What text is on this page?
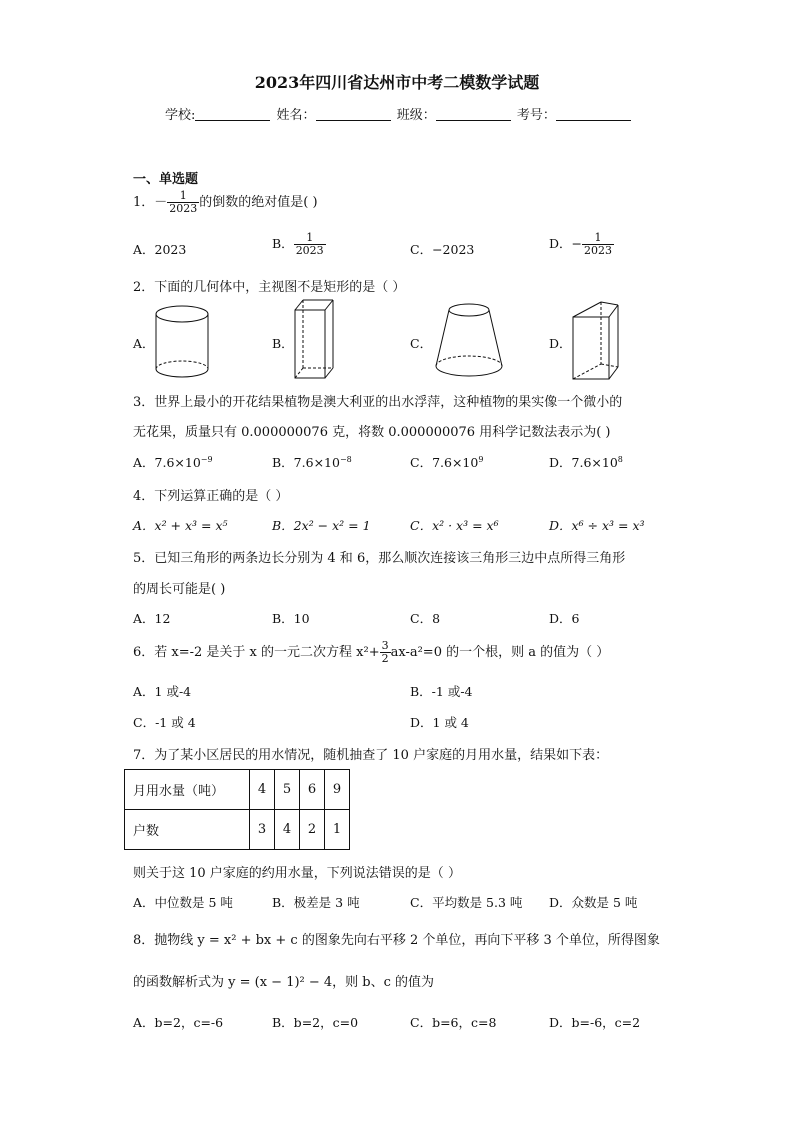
2023年四川省达州市中考二模数学试题
学校:	姓名：	班级：	考号：
一、单选题
1．－ $\frac{1}{2023}$ 的倒数的绝对值是( )
A．2023	B． $\frac{1}{2023}$	C．−2023	D．− $\frac{1}{2023}$
2．下面的几何体中，主视图不是矩形的是（ ）
A．	B．	C．	D．
3．世界上最小的开花结果植物是澳大利亚的出水浮萍，这种植物的果实像一个微小的
无花果，质量只有 0.000000076 克，将数 0.000000076 用科学记数法表示为( )
A．$7.6\times 10^{-9}$	B．$7.6\times 10^{-8}$	C．$7.6\times 10^9$	D．$7.6\times 10^8$
4．下列运算正确的是（ ）
A．x² + x³ = x⁵	B．2x² − x² = 1	C．x² · x³ = x⁶	D．x⁶ ÷ x³ = x³
5．已知三角形的两条边长分别为 4 和 6，那么顺次连接该三角形三边中点所得三角形
的周长可能是( )
A．12	B．10	C．8	D．6
6．若 x=-2 是关于 x 的一元二次方程 $x^2+ \frac{3}{2} ax-a^2=0$ 的一个根，则 a 的值为（ ）
A．1 或-4	B．-1 或-4
C．-1 或 4	D．1 或 4
7．为了某小区居民的用水情况，随机抽查了 10 户家庭的月用水量，结果如下表：
月用水量（吨）	4	5	6	9
户数	3	4	2	1
则关于这 10 户家庭的约用水量，下列说法错误的是（ ）
A．中位数是 5 吨	B．极差是 3 吨	C．平均数是 5.3 吨 D．众数是 5 吨
8．抛物线 y = x² + bx + c 的图象先向右平移 2 个单位，再向下平移 3 个单位，所得图象
的函数解析式为 y = (x − 1)² − 4，则 b、c 的值为
A．b=2，c=-6	B．b=2，c=0	C．b=6，c=8	D．b=-6，c=2
